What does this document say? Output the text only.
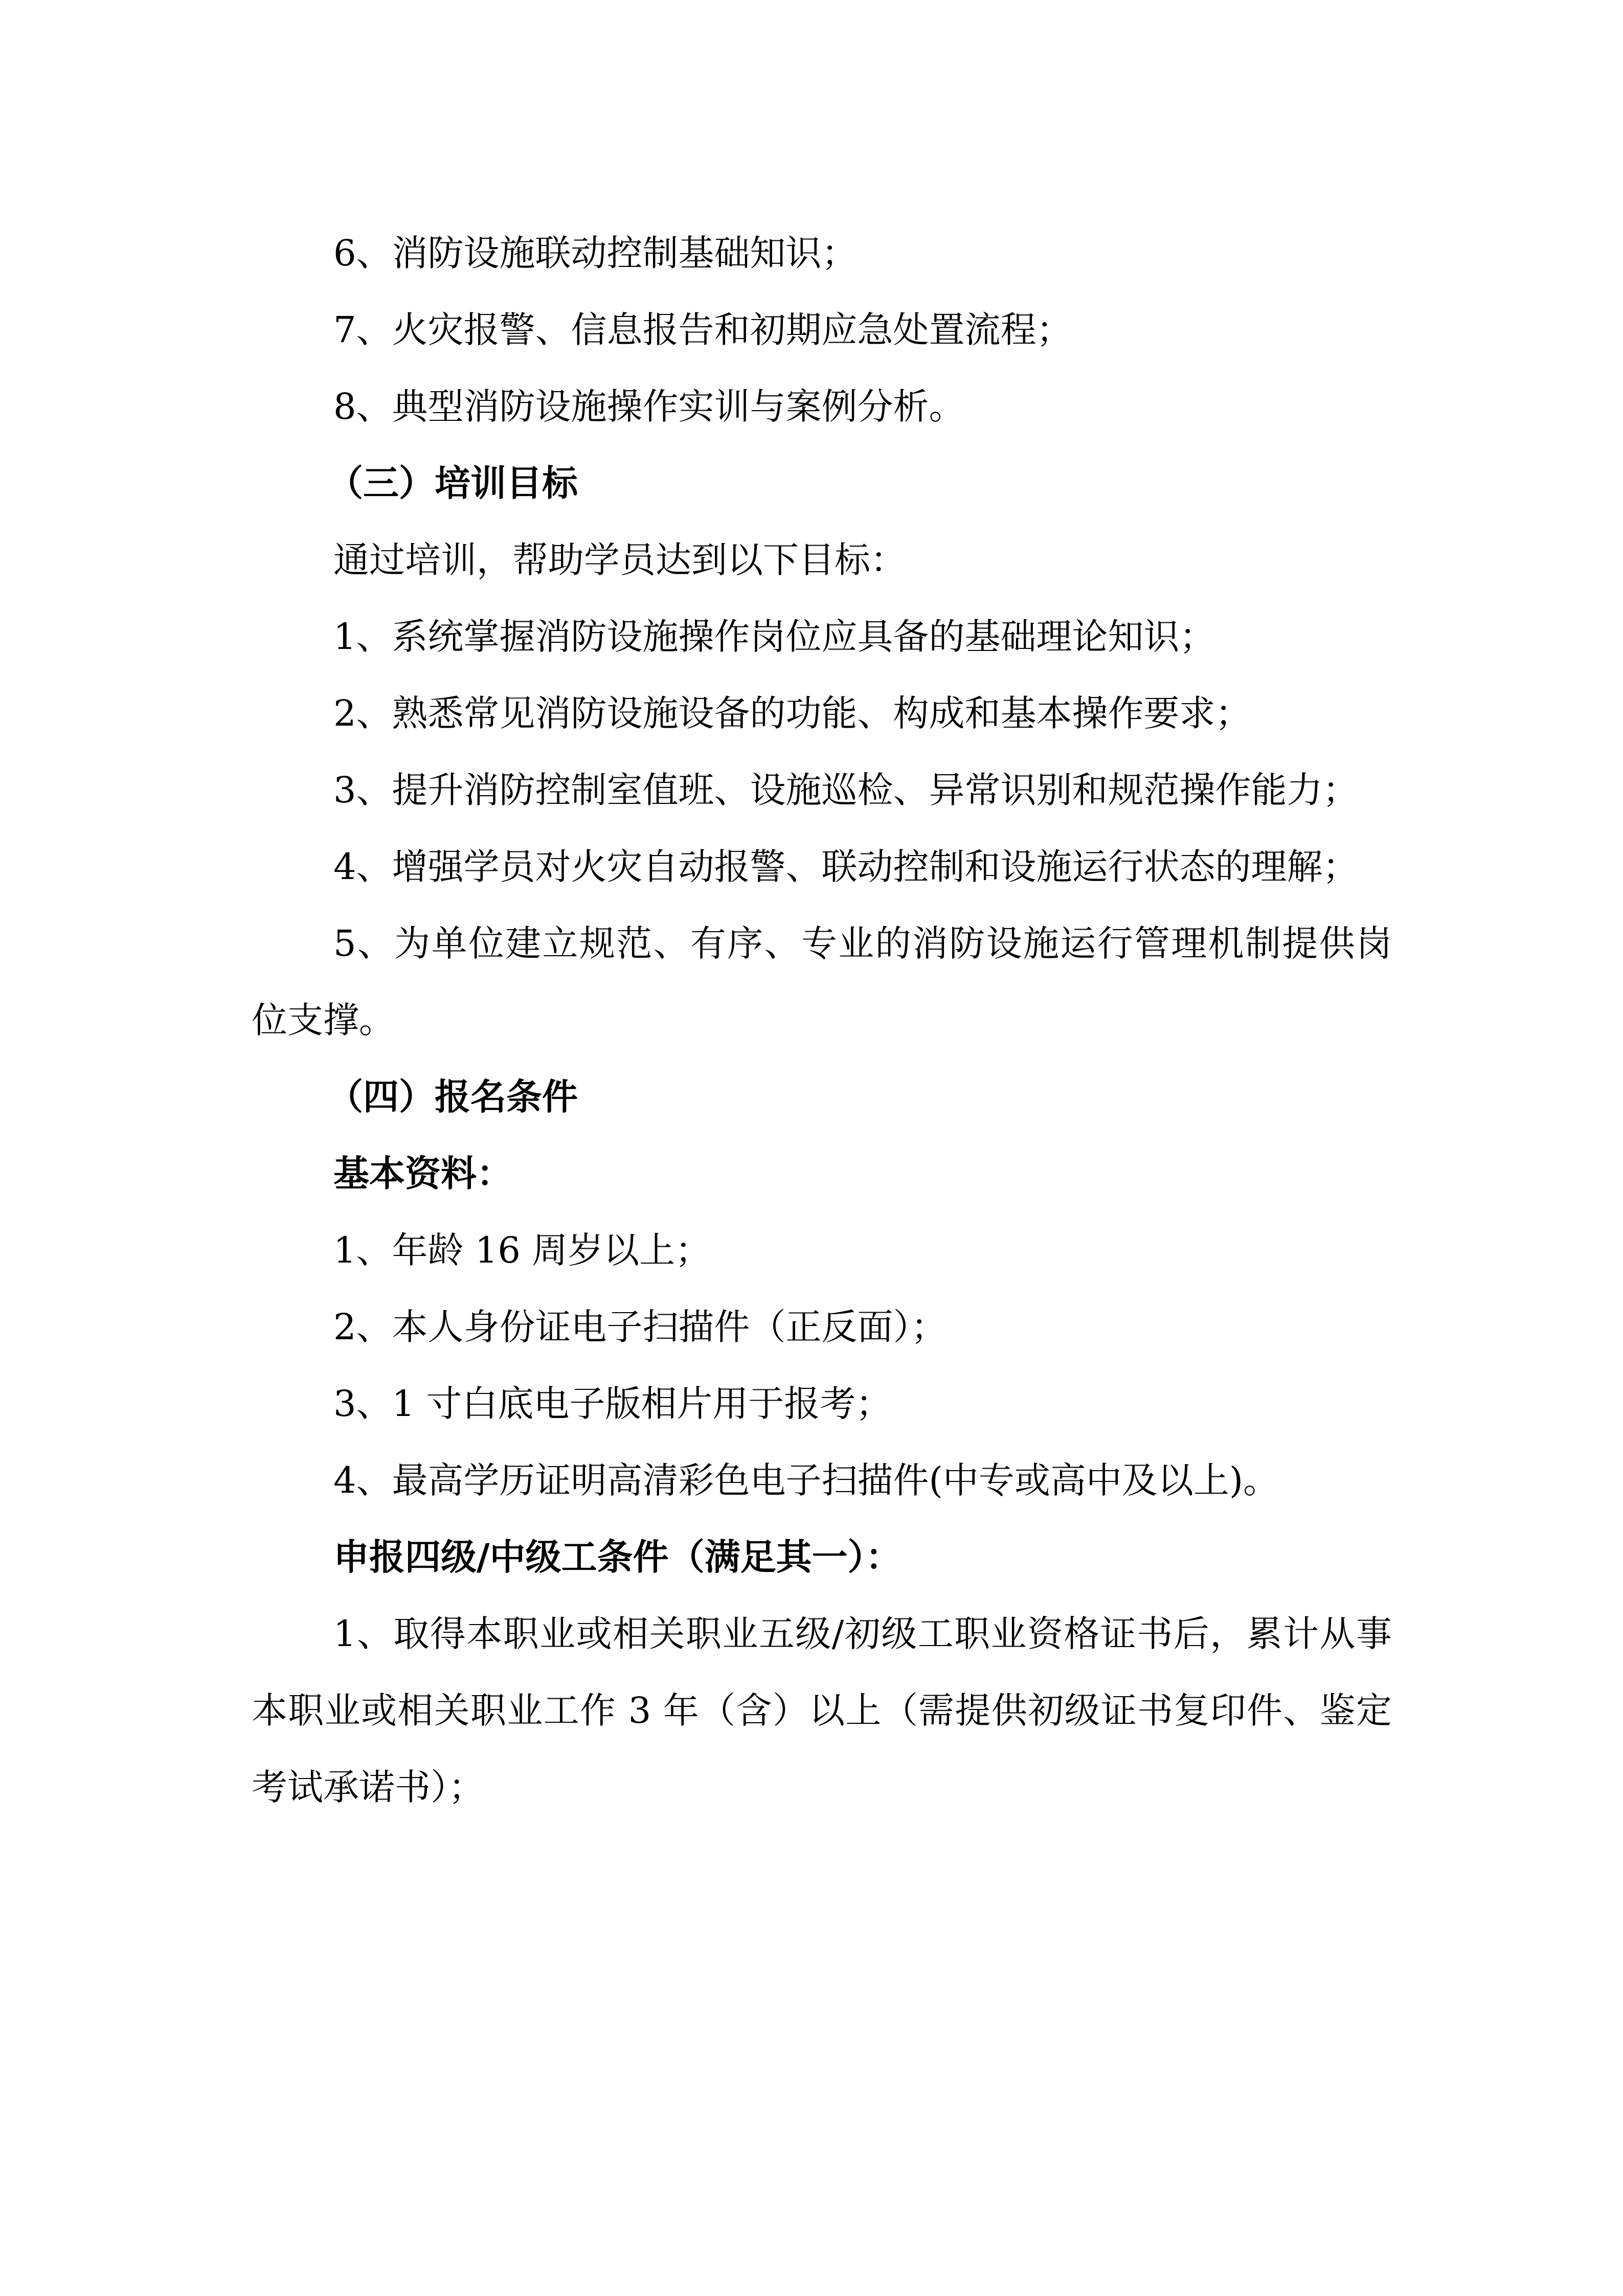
6、消防设施联动控制基础知识；

7、火灾报警、信息报告和初期应急处置流程；

8、典型消防设施操作实训与案例分析。

（三）培训目标

通过培训，帮助学员达到以下目标：

1、系统掌握消防设施操作岗位应具备的基础理论知识；

2、熟悉常见消防设施设备的功能、构成和基本操作要求；

3、提升消防控制室值班、设施巡检、异常识别和规范操作能力；

4、增强学员对火灾自动报警、联动控制和设施运行状态的理解；

5、为单位建立规范、有序、专业的消防设施运行管理机制提供岗位支撑。

（四）报名条件

基本资料：

1、年龄 16 周岁以上；

2、本人身份证电子扫描件（正反面）；

3、1 寸白底电子版相片用于报考；

4、最高学历证明高清彩色电子扫描件(中专或高中及以上)。

申报四级/中级工条件（满足其一）：

1、取得本职业或相关职业五级/初级工职业资格证书后，累计从事本职业或相关职业工作 3 年（含）以上（需提供初级证书复印件、鉴定考试承诺书）；
